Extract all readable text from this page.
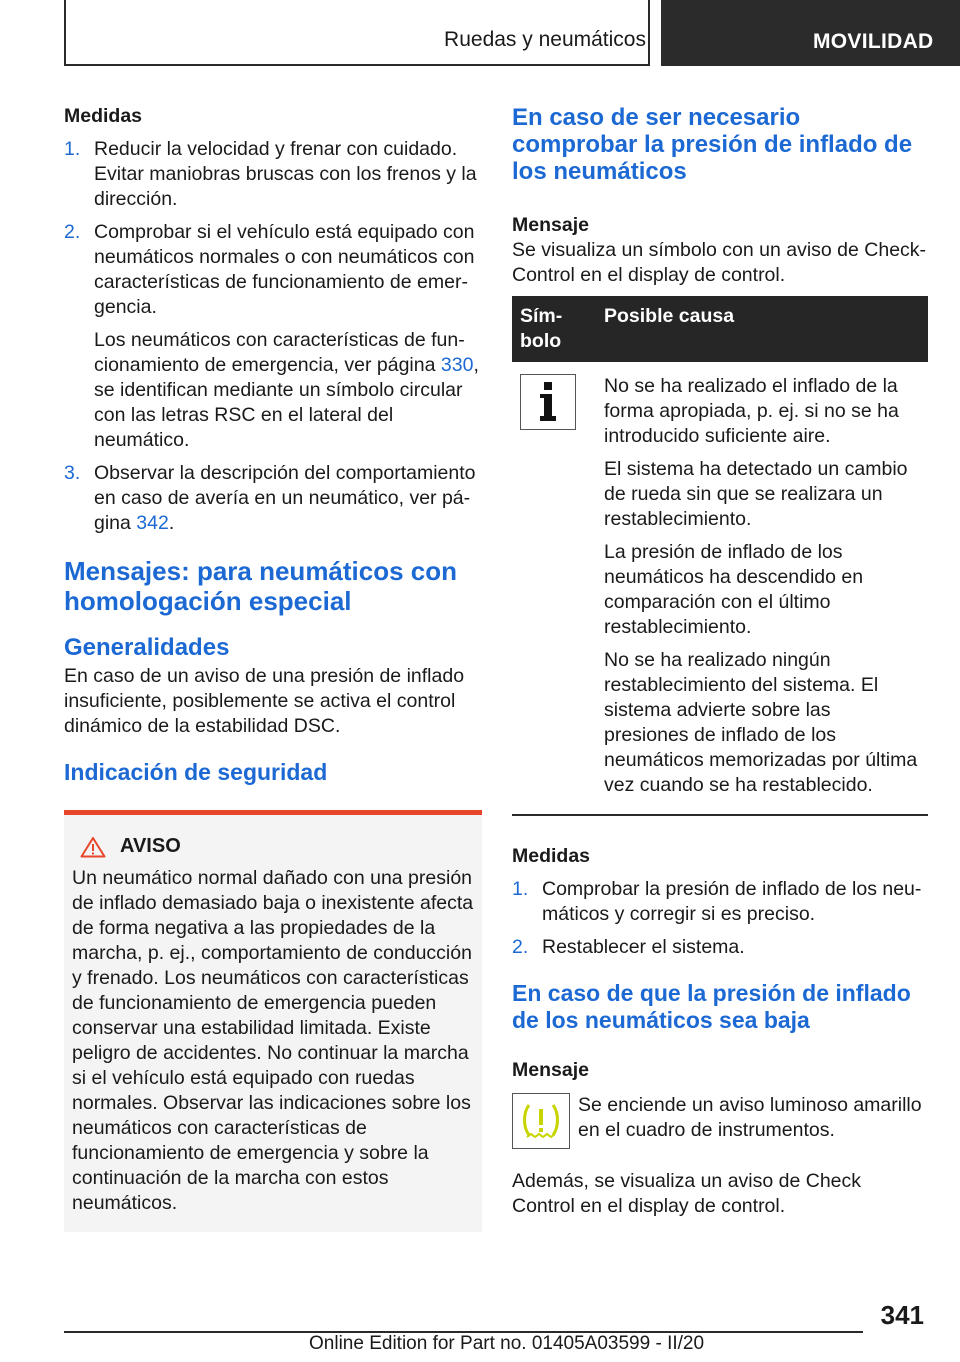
Ruedas y neumáticos	MOVILIDAD
Medidas
1. Reducir la velocidad y frenar con cuidado. Evitar maniobras bruscas con los frenos y la dirección.
2. Comprobar si el vehículo está equipado con neumáticos normales o con neumáticos con características de funcionamiento de emergencia.

Los neumáticos con características de funcionamiento de emergencia, ver página 330, se identifican mediante un símbolo circular con las letras RSC en el lateral del neumático.

3. Observar la descripción del comportamiento en caso de avería en un neumático, ver página 342.
Mensajes: para neumáticos con homologación especial
Generalidades

En caso de un aviso de una presión de inflado insuficiente, posiblemente se activa el control dinámico de la estabilidad DSC.

Indicación de seguridad
AVISO

Un neumático normal dañado con una presión de inflado demasiado baja o inexistente afecta de forma negativa a las propiedades de la marcha, p. ej., comportamiento de conducción y frenado. Los neumáticos con características de funcionamiento de emergencia pueden conservar una estabilidad limitada. Existe peligro de accidentes. No continuar la marcha si el vehículo está equipado con ruedas normales. Observar las indicaciones sobre los neumáticos con características de funcionamiento de emergencia y sobre la continuación de la marcha con estos neumáticos.

En caso de ser necesario comprobar la presión de inflado de los neumáticos
Mensaje

Se visualiza un símbolo con un aviso de Check-Control en el display de control.

Símbolo	Posible causa

No se ha realizado el inflado de la forma apropiada, p. ej. si no se ha introducido suficiente aire.

El sistema ha detectado un cambio de rueda sin que se realizara un restablecimiento.

La presión de inflado de los neumáticos ha descendido en comparación con el último restablecimiento.

No se ha realizado ningún restablecimiento del sistema. El sistema advierte sobre las presiones de inflado de los neumáticos memorizadas por última vez cuando se ha restablecido.

Medidas
1. Comprobar la presión de inflado de los neumáticos y corregir si es preciso.
2. Restablecer el sistema.
En caso de que la presión de inflado de los neumáticos sea baja
Mensaje

Se enciende un aviso luminoso amarillo en el cuadro de instrumentos.

Además, se visualiza un aviso de Check Control en el display de control.

341
Online Edition for Part no. 01405A03599 - II/20
